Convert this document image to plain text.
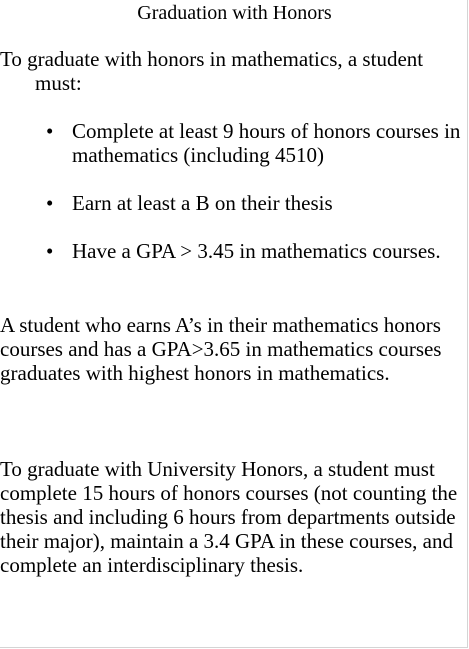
Graduation with Honors
To graduate with honors in mathematics, a student must:
• Complete at least 9 hours of honors courses in mathematics (including 4510)
• Earn at least a B on their thesis
• Have a GPA > 3.45 in mathematics courses.
A student who earns A’s in their mathematics honors courses and has a GPA>3.65 in mathematics courses graduates with highest honors in mathematics.
To graduate with University Honors, a student must complete 15 hours of honors courses (not counting the thesis and including 6 hours from departments outside their major), maintain a 3.4 GPA in these courses, and complete an interdisciplinary thesis.
